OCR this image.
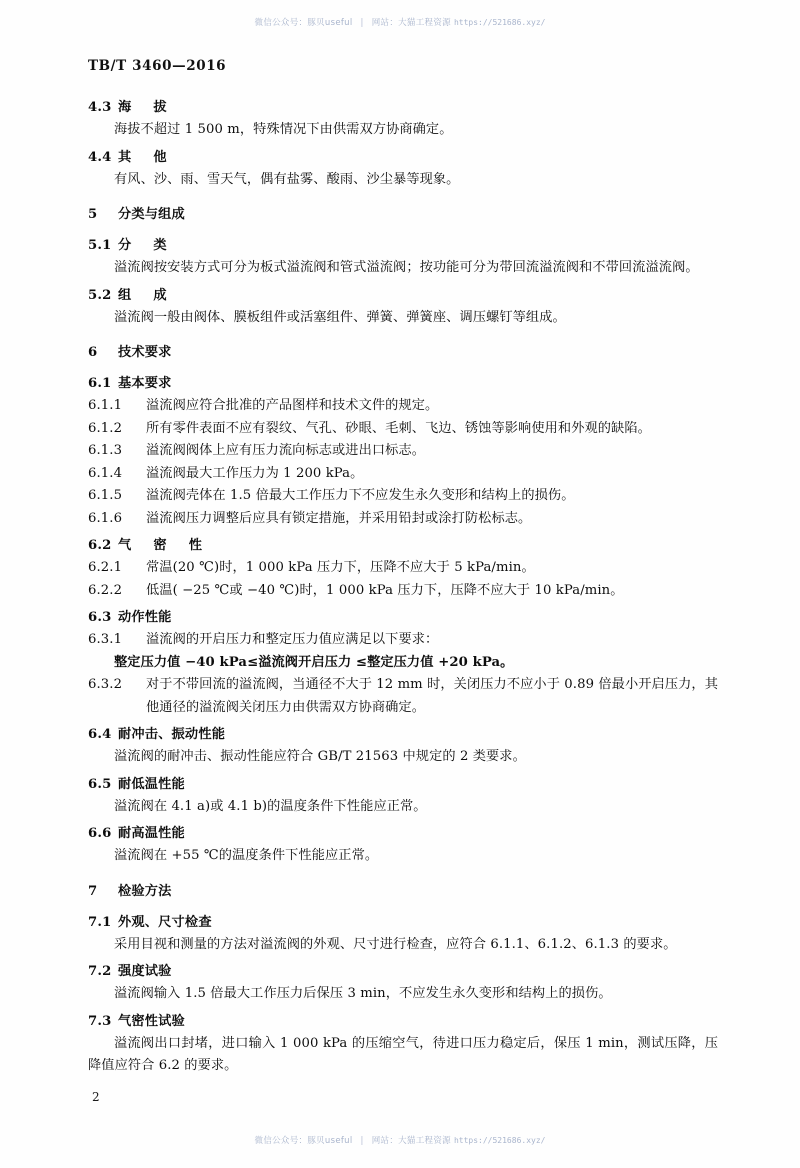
微信公众号：豚贝useful | 网站：大猫工程资源 https://521686.xyz/
TB/T 3460—2016

4.3 海 拔

海拔不超过 1 500 m，特殊情况下由供需双方协商确定。

4.4 其 他

有风、沙、雨、雪天气，偶有盐雾、酸雨、沙尘暴等现象。

5 分类与组成

5.1 分 类

溢流阀按安装方式可分为板式溢流阀和管式溢流阀；按功能可分为带回流溢流阀和不带回流溢流阀。

5.2 组 成

溢流阀一般由阀体、膜板组件或活塞组件、弹簧、弹簧座、调压螺钉等组成。

6 技术要求

6.1 基本要求

6.1.1 溢流阀应符合批准的产品图样和技术文件的规定。

6.1.2 所有零件表面不应有裂纹、气孔、砂眼、毛刺、飞边、锈蚀等影响使用和外观的缺陷。

6.1.3 溢流阀阀体上应有压力流向标志或进出口标志。

6.1.4 溢流阀最大工作压力为 1 200 kPa。

6.1.5 溢流阀壳体在 1.5 倍最大工作压力下不应发生永久变形和结构上的损伤。

6.1.6 溢流阀压力调整后应具有锁定措施，并采用铅封或涂打防松标志。

6.2 气 密 性

6.2.1 常温(20 ℃)时，1 000 kPa 压力下，压降不应大于 5 kPa/min。

6.2.2 低温( −25 ℃或 −40 ℃)时，1 000 kPa 压力下，压降不应大于 10 kPa/min。

6.3 动作性能

6.3.1 溢流阀的开启压力和整定压力值应满足以下要求：

整定压力值 −40 kPa≤溢流阀开启压力 ≤整定压力值 +20 kPa。

6.3.2 对于不带回流的溢流阀，当通径不大于 12 mm 时，关闭压力不应小于 0.89 倍最小开启压力，其他通径的溢流阀关闭压力由供需双方协商确定。

6.4 耐冲击、振动性能

溢流阀的耐冲击、振动性能应符合 GB/T 21563 中规定的 2 类要求。

6.5 耐低温性能

溢流阀在 4.1 a)或 4.1 b)的温度条件下性能应正常。

6.6 耐高温性能

溢流阀在 +55 ℃的温度条件下性能应正常。

7 检验方法

7.1 外观、尺寸检查

采用目视和测量的方法对溢流阀的外观、尺寸进行检查，应符合 6.1.1、6.1.2、6.1.3 的要求。

7.2 强度试验

溢流阀输入 1.5 倍最大工作压力后保压 3 min，不应发生永久变形和结构上的损伤。

7.3 气密性试验

溢流阀出口封堵，进口输入 1 000 kPa 的压缩空气，待进口压力稳定后，保压 1 min，测试压降，压降值应符合 6.2 的要求。

2
微信公众号：豚贝useful | 网站：大猫工程资源 https://521686.xyz/
